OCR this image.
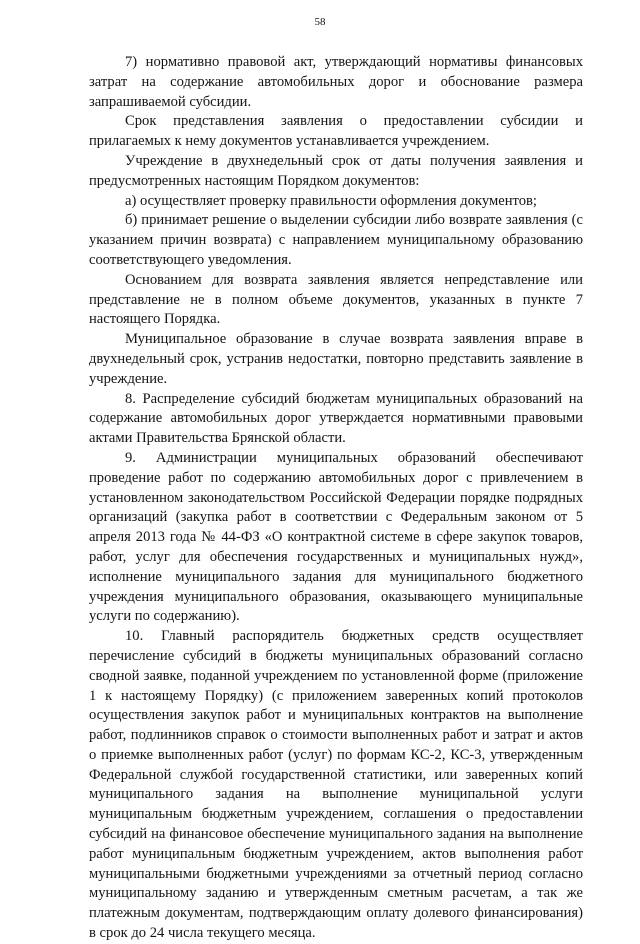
58

7) нормативно правовой акт, утверждающий нормативы финансовых затрат на содержание автомобильных дорог и обоснование размера запрашиваемой субсидии.

Срок представления заявления о предоставлении субсидии и прилагаемых к нему документов устанавливается учреждением.

Учреждение в двухнедельный срок от даты получения заявления и предусмотренных настоящим Порядком документов:

а) осуществляет проверку правильности оформления документов;

б) принимает решение о выделении субсидии либо возврате заявления (с указанием причин возврата) с направлением муниципальному образованию соответствующего уведомления.

Основанием для возврата заявления является непредставление или представление не в полном объеме документов, указанных в пункте 7 настоящего Порядка.

Муниципальное образование в случае возврата заявления вправе в двухнедельный срок, устранив недостатки, повторно представить заявление в учреждение.

8. Распределение субсидий бюджетам муниципальных образований на содержание автомобильных дорог утверждается нормативными правовыми актами Правительства Брянской области.

9. Администрации муниципальных образований обеспечивают проведение работ по содержанию автомобильных дорог с привлечением в установленном законодательством Российской Федерации порядке подрядных организаций (закупка работ в соответствии с Федеральным законом от 5 апреля 2013 года № 44-ФЗ «О контрактной системе в сфере закупок товаров, работ, услуг для обеспечения государственных и муниципальных нужд», исполнение муниципального задания для муниципального бюджетного учреждения муниципального образования, оказывающего муниципальные услуги по содержанию).

10. Главный распорядитель бюджетных средств осуществляет перечисление субсидий в бюджеты муниципальных образований согласно сводной заявке, поданной учреждением по установленной форме (приложение 1 к настоящему Порядку) (с приложением заверенных копий протоколов осуществления закупок работ и муниципальных контрактов на выполнение работ, подлинников справок о стоимости выполненных работ и затрат и актов о приемке выполненных работ (услуг) по формам КС-2, КС-3, утвержденным Федеральной службой государственной статистики, или заверенных копий муниципального задания на выполнение муниципальной услуги муниципальным бюджетным учреждением, соглашения о предоставлении субсидий на финансовое обеспечение муниципального задания на выполнение работ муниципальным бюджетным учреждением, актов выполнения работ муниципальными бюджетными учреждениями за отчетный период согласно муниципальному заданию и утвержденным сметным расчетам, а так же платежным документам, подтверждающим оплату долевого финансирования) в срок до 24 числа текущего месяца.
